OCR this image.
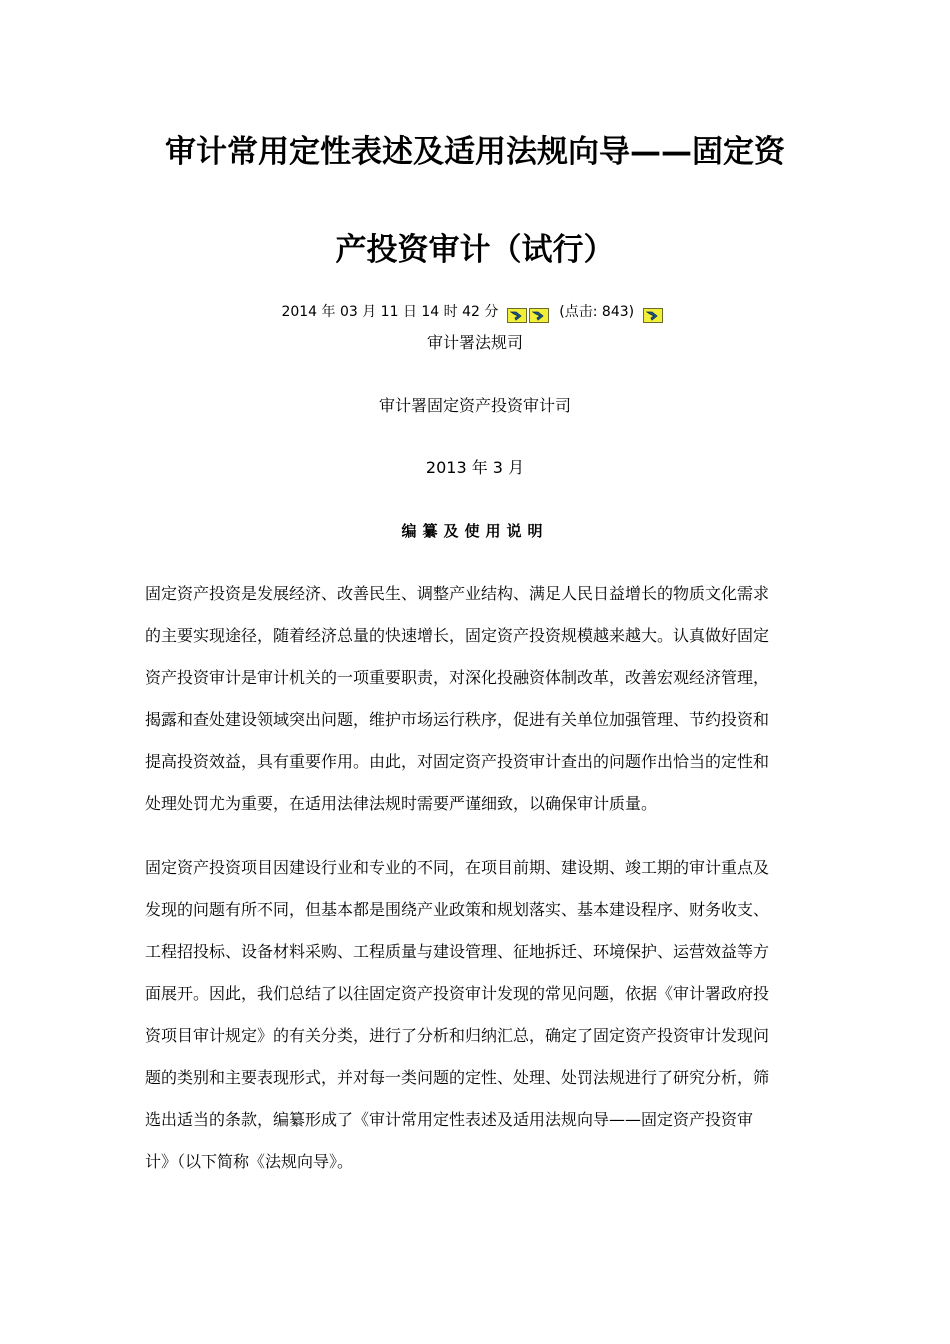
审计常用定性表述及适用法规向导——固定资
产投资审计（试行）
2014 年 03 月 11 日 14 时 42 分	(点击: 843)
审计署法规司
审计署固定资产投资审计司
2013 年 3 月
编纂及使用说明
固定资产投资是发展经济、改善民生、调整产业结构、满足人民日益增长的物质文化需求
的主要实现途径，随着经济总量的快速增长，固定资产投资规模越来越大。认真做好固定
资产投资审计是审计机关的一项重要职责，对深化投融资体制改革，改善宏观经济管理，
揭露和查处建设领域突出问题，维护市场运行秩序，促进有关单位加强管理、节约投资和
提高投资效益，具有重要作用。由此，对固定资产投资审计查出的问题作出恰当的定性和
处理处罚尤为重要，在适用法律法规时需要严谨细致，以确保审计质量。
固定资产投资项目因建设行业和专业的不同，在项目前期、建设期、竣工期的审计重点及
发现的问题有所不同，但基本都是围绕产业政策和规划落实、基本建设程序、财务收支、
工程招投标、设备材料采购、工程质量与建设管理、征地拆迁、环境保护、运营效益等方
面展开。因此，我们总结了以往固定资产投资审计发现的常见问题，依据《审计署政府投
资项目审计规定》的有关分类，进行了分析和归纳汇总，确定了固定资产投资审计发现问
题的类别和主要表现形式，并对每一类问题的定性、处理、处罚法规进行了研究分析，筛
选出适当的条款，编纂形成了《审计常用定性表述及适用法规向导——固定资产投资审
计》（以下简称《法规向导》。
